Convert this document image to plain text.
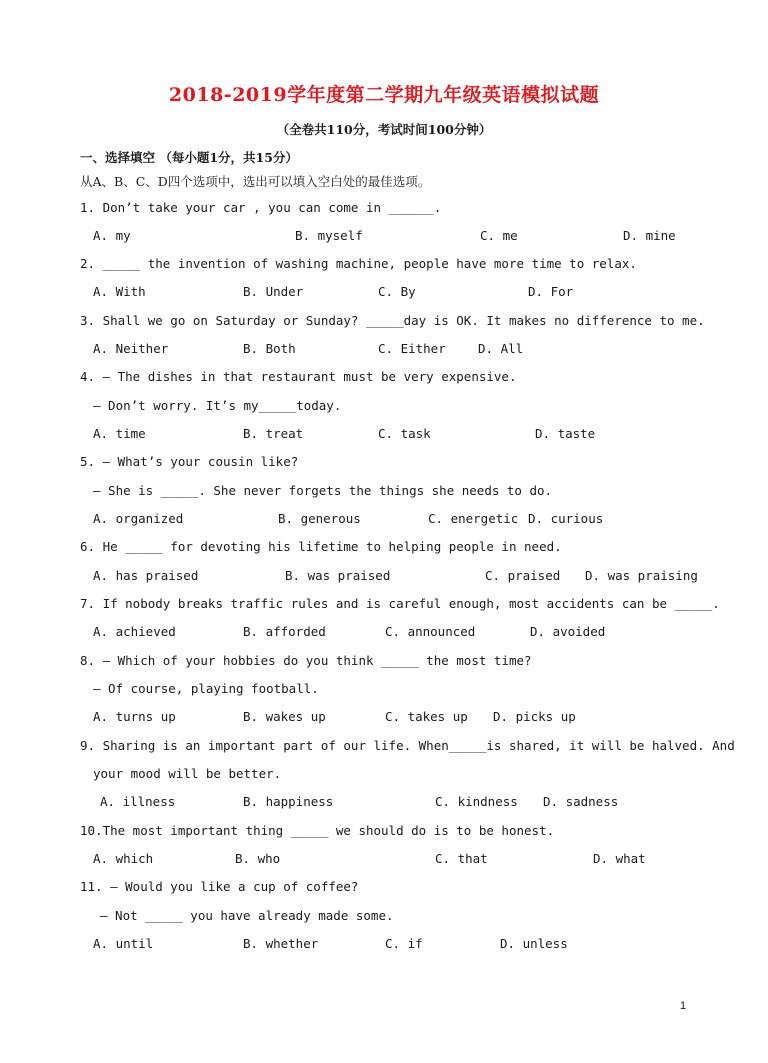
2018-2019学年度第二学期九年级英语模拟试题
（全卷共110分，考试时间100分钟）
一、选择填空 （每小题1分，共15分）
从A、B、C、D四个选项中，选出可以填入空白处的最佳选项。
1. Don’t take your car , you can come in ______.
A. my	B. myself	C. me	D. mine
2. _____ the invention of washing machine, people have more time to relax.
A. With	B. Under	C. By	D. For
3. Shall we go on Saturday or Sunday? _____day is OK. It makes no difference to me.
A. Neither	B. Both	C. Either	D. All
4. — The dishes in that restaurant must be very expensive.
— Don’t worry. It’s my_____today.
A. time	B. treat	C. task	D. taste
5. — What’s your cousin like?
— She is _____. She never forgets the things she needs to do.
A. organized	B. generous	C. energetic D. curious
6. He _____ for devoting his lifetime to helping people in need.
A. has praised	B. was praised	C. praised D. was praising
7. If nobody breaks traffic rules and is careful enough, most accidents can be _____.
A. achieved	B. afforded	C. announced	D. avoided
8. — Which of your hobbies do you think _____ the most time?
— Of course, playing football.
A. turns up	B. wakes up	C. takes up D. picks up
9. Sharing is an important part of our life. When_____is shared, it will be halved. And
your mood will be better.
A. illness	B. happiness	C. kindness D. sadness
10.The most important thing _____ we should do is to be honest.
A. which	B. who	C. that	D. what
11. — Would you like a cup of coffee?
— Not _____ you have already made some.
A. until	B. whether	C. if	D. unless
1
